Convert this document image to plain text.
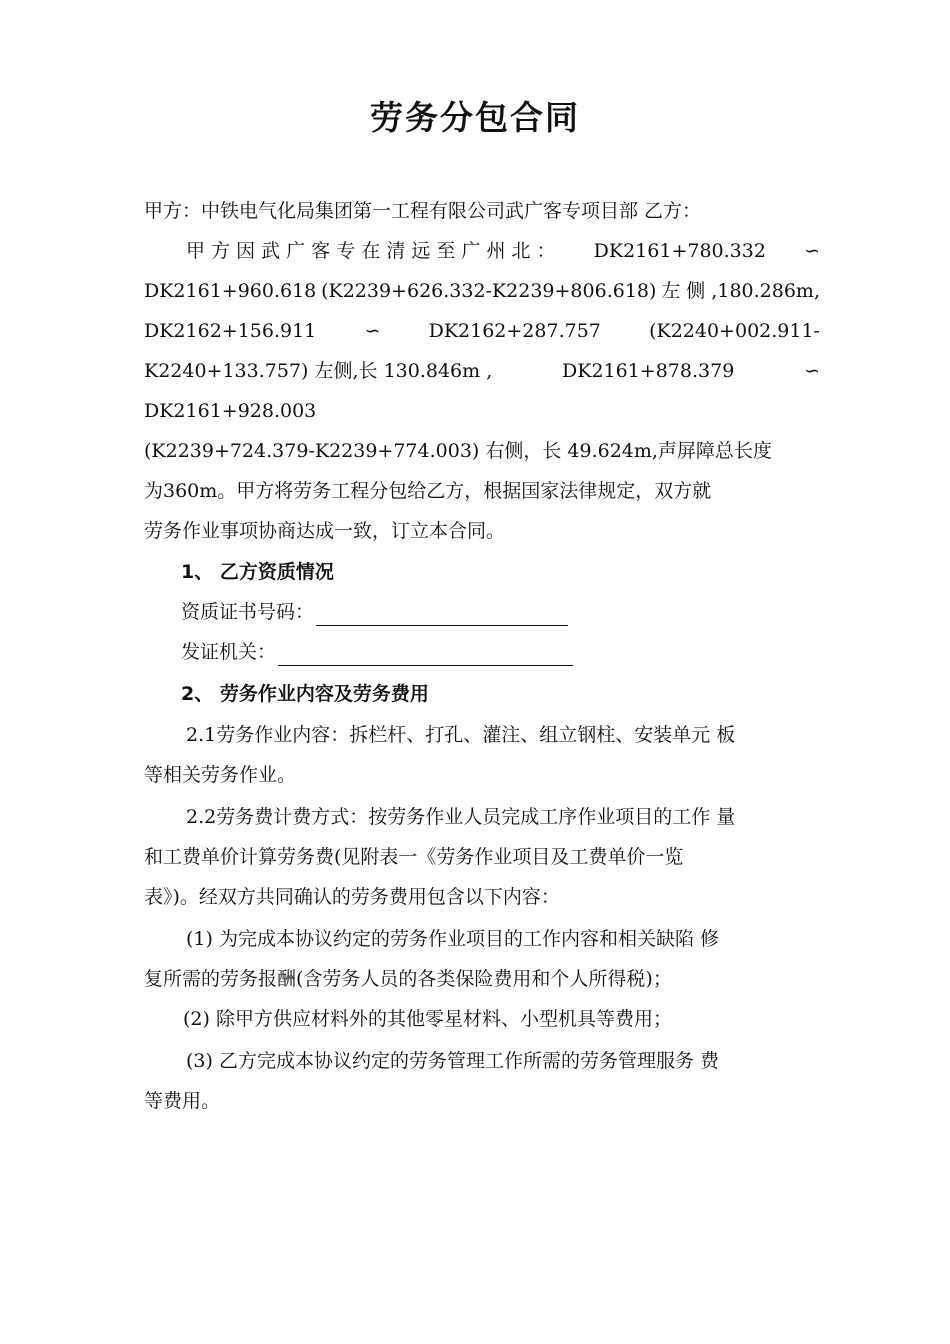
劳务分包合同
甲方：中铁电气化局集团第一工程有限公司武广客专项目部 乙方：
甲 方 因 武 广 客 专 在 清 远 至 广 州 北 ： DK2161+780.332 ∽
DK2161+960.618 (K2239+626.332-K2239+806.618) 左 侧 ,180.286m,
DK2162+156.911	∽	DK2162+287.757	(K2240+002.911-
K2240+133.757) 左侧,长 130.846m ,	DK2161+878.379	∽
DK2161+928.003
(K2239+724.379-K2239+774.003) 右侧，长 49.624m,声屏障总长度
为360m。甲方将劳务工程分包给乙方，根据国家法律规定，双方就
劳务作业事项协商达成一致，订立本合同。
1、 乙方资质情况
资质证书号码：
发证机关：
2、 劳务作业内容及劳务费用
2.1劳务作业内容：拆栏杆、打孔、灌注、组立钢柱、安装单元 板
等相关劳务作业。
2.2劳务费计费方式：按劳务作业人员完成工序作业项目的工作 量
和工费单价计算劳务费(见附表一《劳务作业项目及工费单价一览
表》)。经双方共同确认的劳务费用包含以下内容：
(1) 为完成本协议约定的劳务作业项目的工作内容和相关缺陷 修
复所需的劳务报酬(含劳务人员的各类保险费用和个人所得税)；
(2) 除甲方供应材料外的其他零星材料、小型机具等费用；
(3) 乙方完成本协议约定的劳务管理工作所需的劳务管理服务 费
等费用。
